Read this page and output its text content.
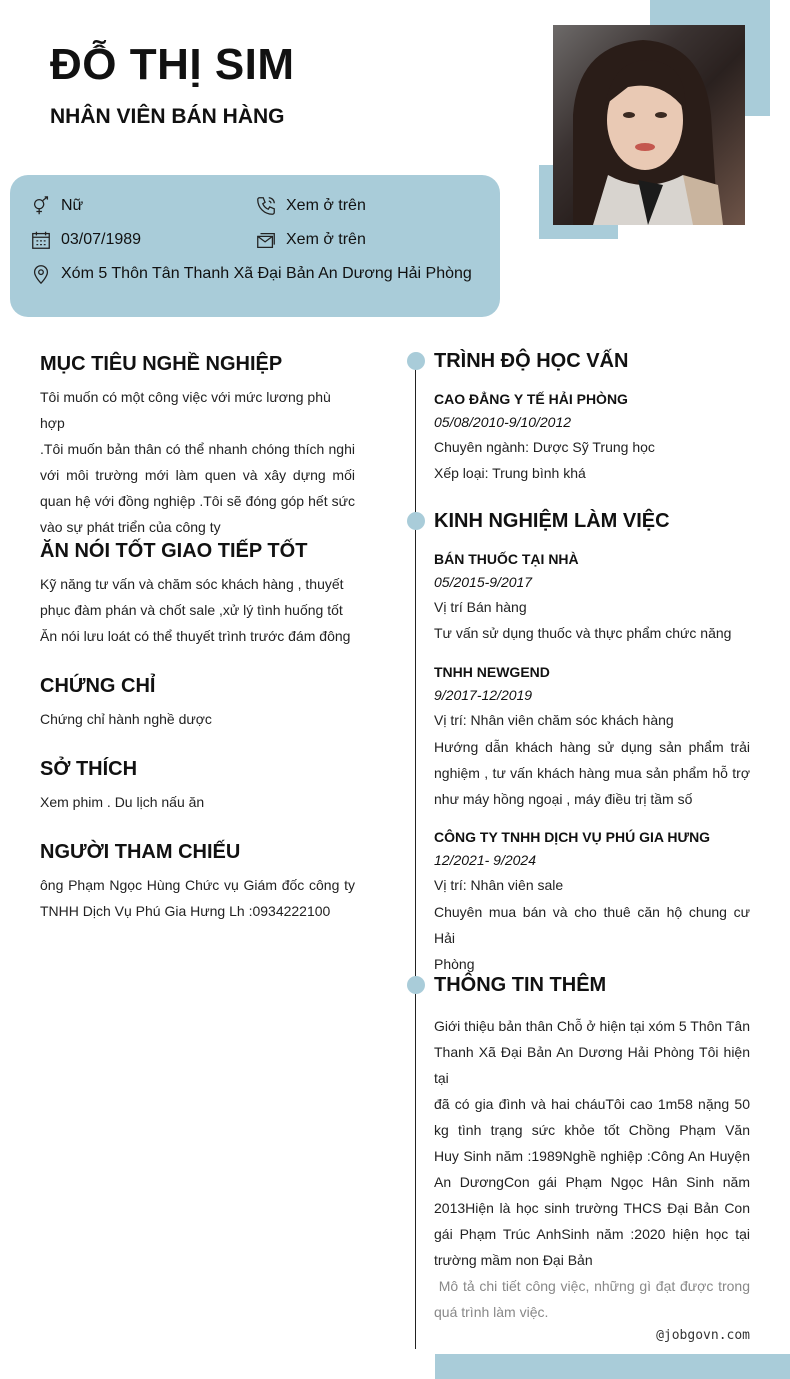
ĐỖ THỊ SIM
NHÂN VIÊN BÁN HÀNG
Nữ	Xem ở trên
03/07/1989	Xem ở trên
Xóm 5 Thôn Tân Thanh Xã Đại Bản An Dương Hải Phòng
MỤC TIÊU NGHỀ NGHIỆP
Tôi muốn có một công việc với mức lương phù hợp
.Tôi muốn bản thân có thể nhanh chóng thích nghi
với môi trường mới làm quen và xây dựng mối
quan hệ với đồng nghiệp .Tôi sẽ đóng góp hết sức
vào sự phát triển của công ty
ĂN NÓI TỐT GIAO TIẾP TỐT
Kỹ năng tư vấn và chăm sóc khách hàng , thuyết
phục đàm phán và chốt sale ,xử lý tình huống tốt
Ăn nói lưu loát có thể thuyết trình trước đám đông
CHỨNG CHỈ
Chứng chỉ hành nghề dược
SỞ THÍCH
Xem phim . Du lịch nấu ăn
NGƯỜI THAM CHIẾU
ông Phạm Ngọc Hùng Chức vụ Giám đốc công ty
TNHH Dịch Vụ Phú Gia Hưng Lh :0934222100
TRÌNH ĐỘ HỌC VẤN
CAO ĐẲNG Y TẾ HẢI PHÒNG
05/08/2010-9/10/2012
Chuyên ngành: Dược Sỹ Trung học
Xếp loại: Trung bình khá
KINH NGHIỆM LÀM VIỆC
BÁN THUỐC TẠI NHÀ
05/2015-9/2017
Vị trí Bán hàng
Tư vấn sử dụng thuốc và thực phẩm chức năng
TNHH NEWGEND
9/2017-12/2019
Vị trí: Nhân viên chăm sóc khách hàng
Hướng dẫn khách hàng sử dụng sản phẩm trải
nghiệm , tư vấn khách hàng mua sản phẩm hỗ trợ
như máy hồng ngoại , máy điều trị tầm số
CÔNG TY TNHH DỊCH VỤ PHÚ GIA HƯNG
12/2021- 9/2024
Vị trí: Nhân viên sale
Chuyên mua bán và cho thuê căn hộ chung cư Hải
Phòng
THÔNG TIN THÊM
Giới thiệu bản thân Chỗ ở hiện tại xóm 5 Thôn Tân
Thanh Xã Đại Bản An Dương Hải Phòng Tôi hiện tại
đã có gia đình và hai cháuTôi cao 1m58 nặng 50
kg tình trạng sức khỏe tốt Chồng Phạm Văn
Huy Sinh năm :1989Nghề nghiệp :Công An Huyện
An DươngCon gái Phạm Ngọc Hân Sinh năm
2013Hiện là học sinh trường THCS Đại Bản Con
gái Phạm Trúc AnhSinh năm :2020 hiện học tại
trường mầm non Đại Bản
Mô tả chi tiết công việc, những gì đạt được trong
quá trình làm việc.
@jobgovn.com
